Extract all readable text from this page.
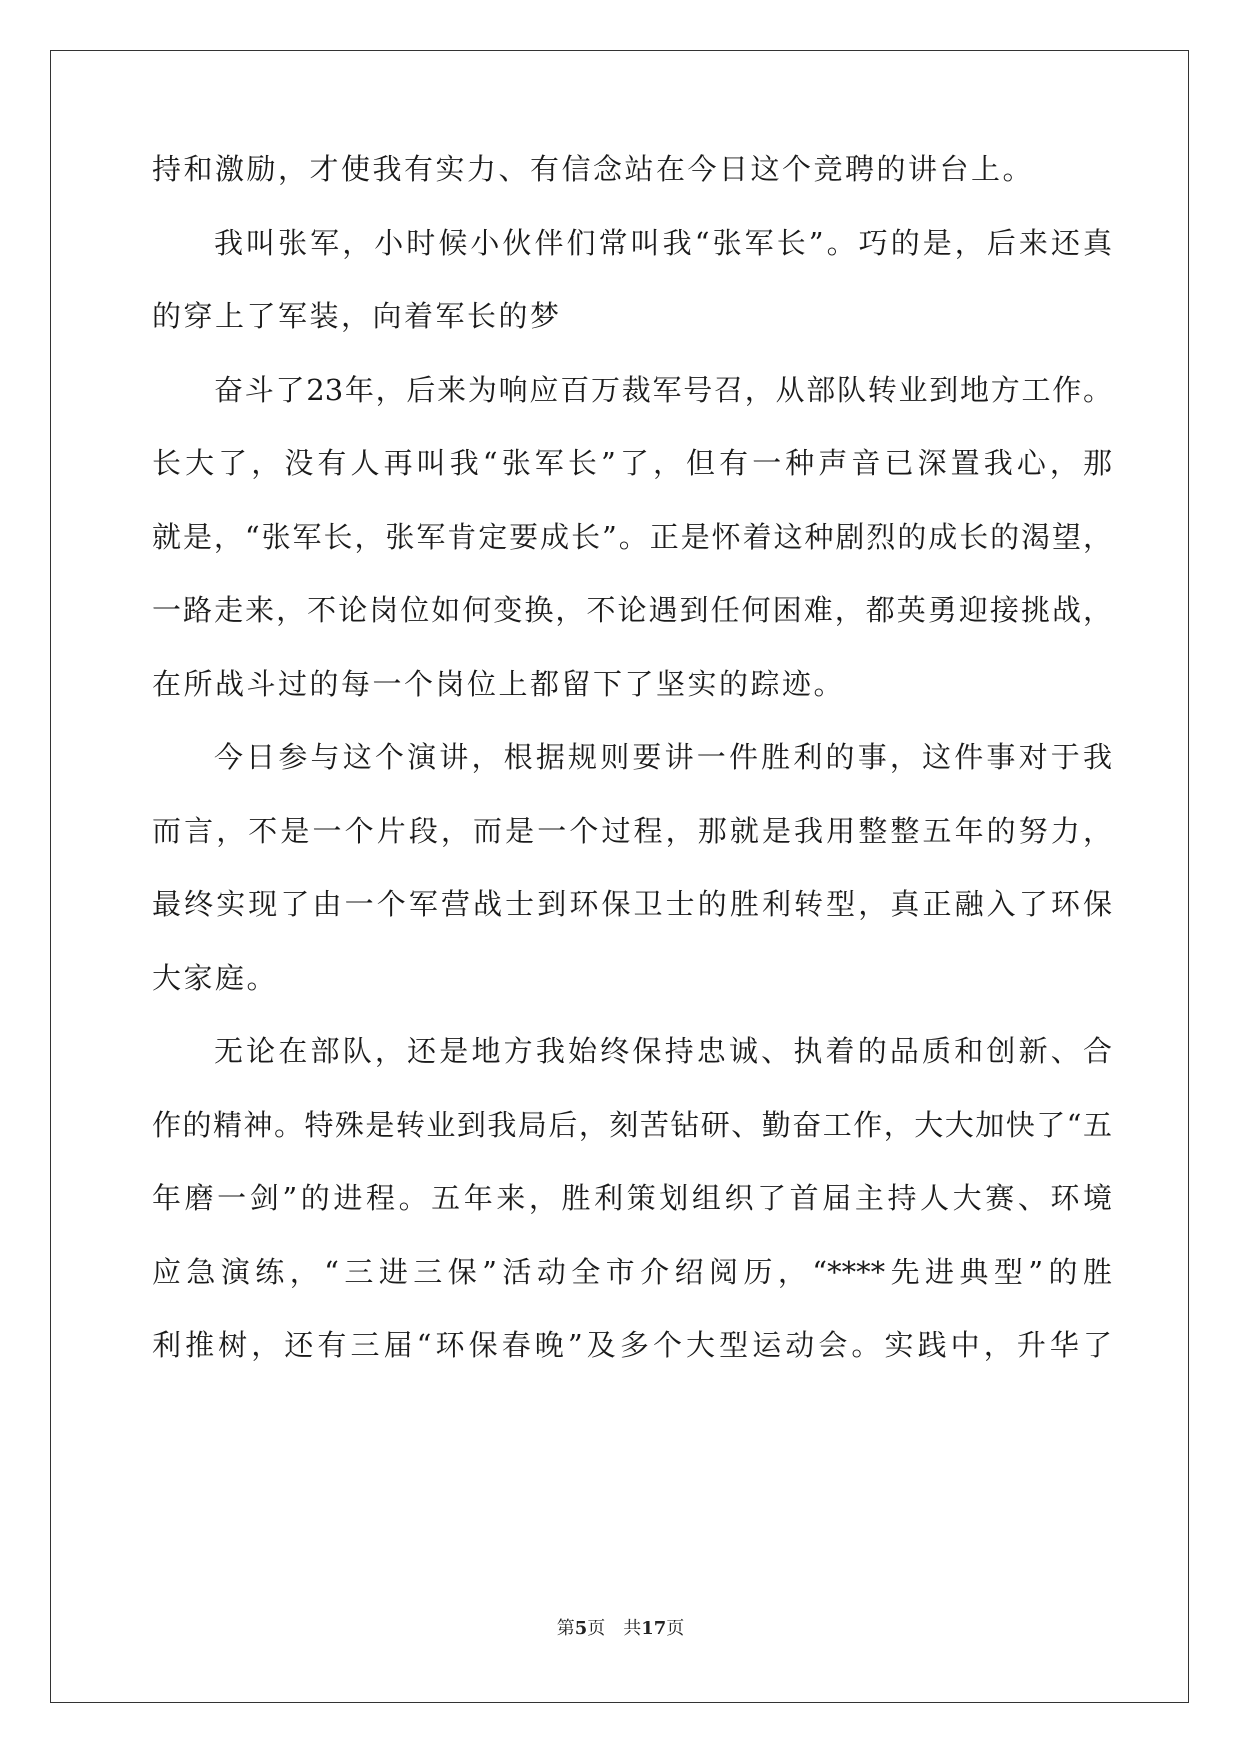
持和激励，才使我有实力、有信念站在今日这个竞聘的讲台上。
我叫张军，小时候小伙伴们常叫我“张军长”。巧的是，后来还真
的穿上了军装，向着军长的梦
奋斗了23年，后来为响应百万裁军号召，从部队转业到地方工作。
长大了，没有人再叫我“张军长”了，但有一种声音已深置我心，那
就是，“张军长，张军肯定要成长”。正是怀着这种剧烈的成长的渴望，
一路走来，不论岗位如何变换，不论遇到任何困难，都英勇迎接挑战，
在所战斗过的每一个岗位上都留下了坚实的踪迹。
今日参与这个演讲，根据规则要讲一件胜利的事，这件事对于我
而言，不是一个片段，而是一个过程，那就是我用整整五年的努力，
最终实现了由一个军营战士到环保卫士的胜利转型，真正融入了环保
大家庭。
无论在部队，还是地方我始终保持忠诚、执着的品质和创新、合
作的精神。特殊是转业到我局后，刻苦钻研、勤奋工作，大大加快了“五
年磨一剑”的进程。五年来，胜利策划组织了首届主持人大赛、环境
应急演练，“三进三保”活动全市介绍阅历，“****先进典型”的胜
利推树，还有三届“环保春晚”及多个大型运动会。实践中，升华了
第5页 共17页
